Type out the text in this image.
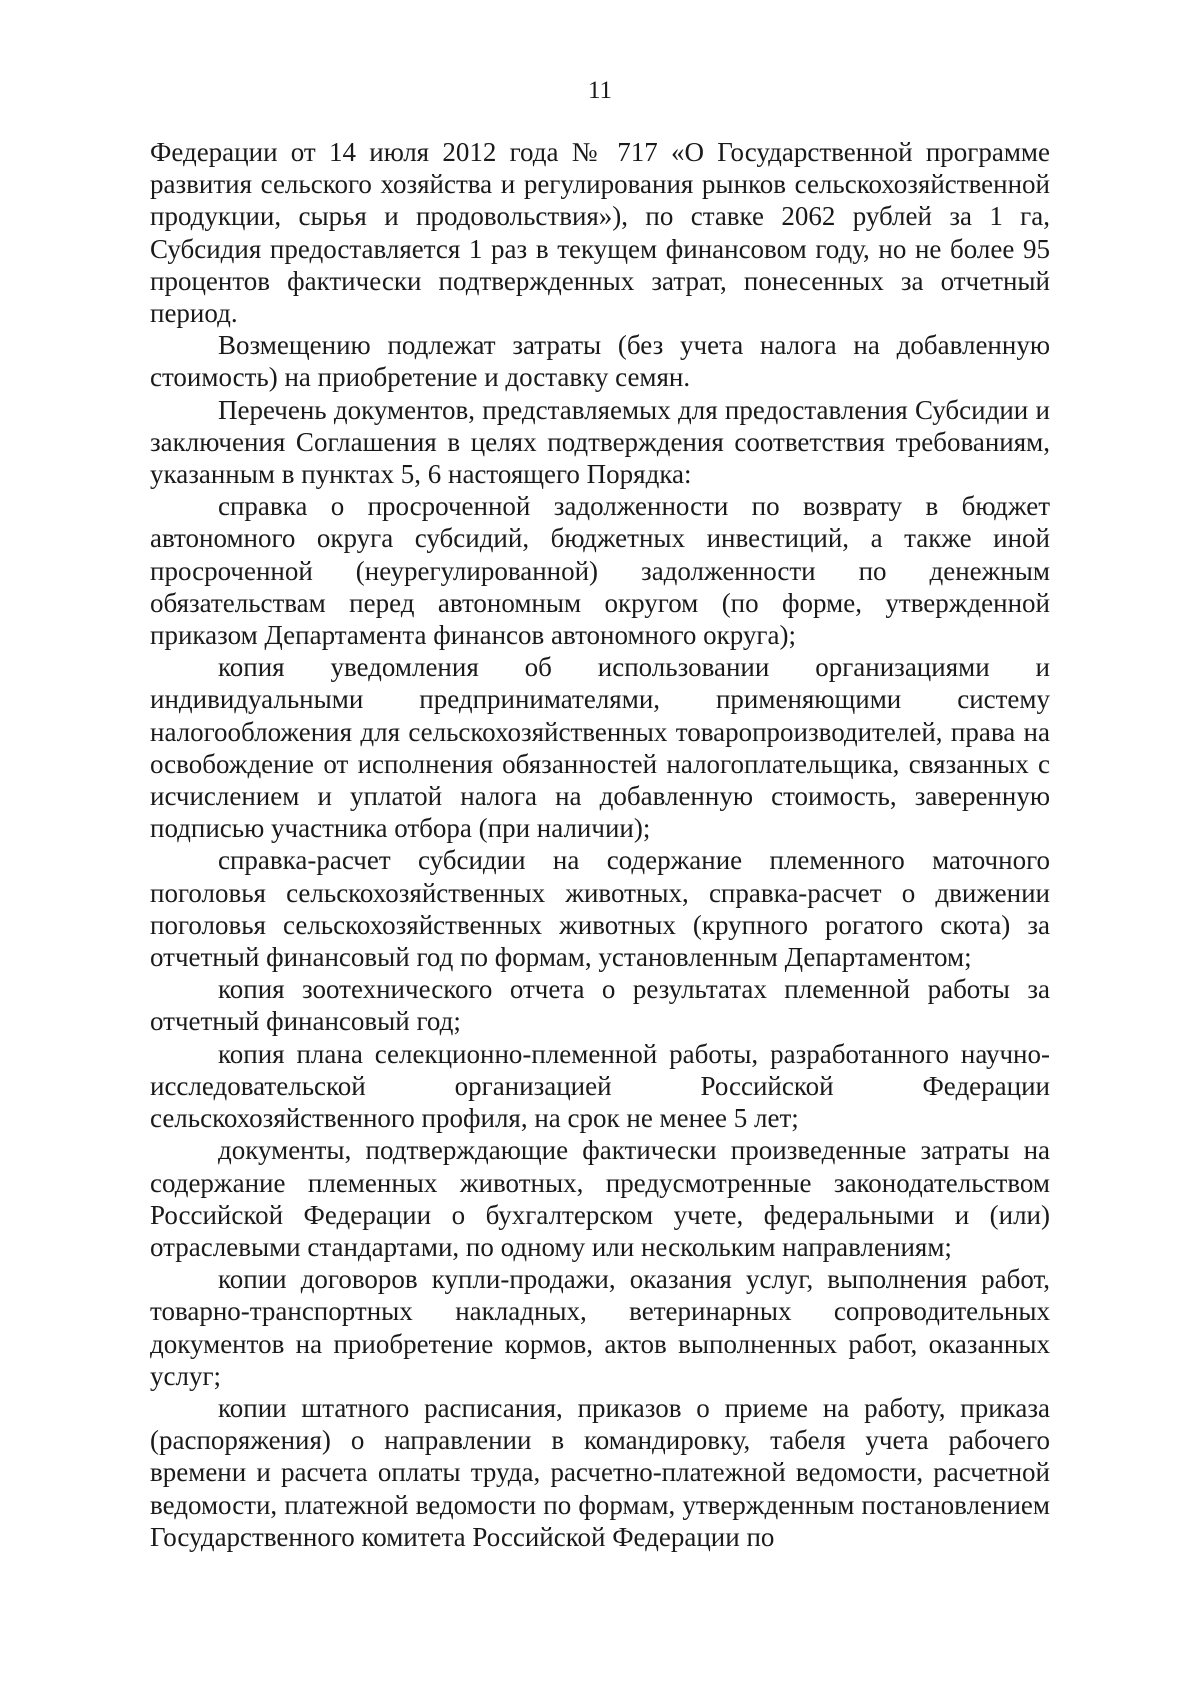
11

Федерации от 14 июля 2012 года № 717 «О Государственной программе развития сельского хозяйства и регулирования рынков сельскохозяйственной продукции, сырья и продовольствия»), по ставке 2062 рублей за 1 га, Субсидия предоставляется 1 раз в текущем финансовом году, но не более 95 процентов фактически подтвержденных затрат, понесенных за отчетный период.

Возмещению подлежат затраты (без учета налога на добавленную стоимость) на приобретение и доставку семян.

Перечень документов, представляемых для предоставления Субсидии и заключения Соглашения в целях подтверждения соответствия требованиям, указанным в пунктах 5, 6 настоящего Порядка:

справка о просроченной задолженности по возврату в бюджет автономного округа субсидий, бюджетных инвестиций, а также иной просроченной (неурегулированной) задолженности по денежным обязательствам перед автономным округом (по форме, утвержденной приказом Департамента финансов автономного округа);

копия уведомления об использовании организациями и индивидуальными предпринимателями, применяющими систему налогообложения для сельскохозяйственных товаропроизводителей, права на освобождение от исполнения обязанностей налогоплательщика, связанных с исчислением и уплатой налога на добавленную стоимость, заверенную подписью участника отбора (при наличии);

справка-расчет субсидии на содержание племенного маточного поголовья сельскохозяйственных животных, справка-расчет о движении поголовья сельскохозяйственных животных (крупного рогатого скота) за отчетный финансовый год по формам, установленным Департаментом;

копия зоотехнического отчета о результатах племенной работы за отчетный финансовый год;

копия плана селекционно-племенной работы, разработанного научно-исследовательской организацией Российской Федерации сельскохозяйственного профиля, на срок не менее 5 лет;

документы, подтверждающие фактически произведенные затраты на содержание племенных животных, предусмотренные законодательством Российской Федерации о бухгалтерском учете, федеральными и (или) отраслевыми стандартами, по одному или нескольким направлениям;

копии договоров купли-продажи, оказания услуг, выполнения работ, товарно-транспортных накладных, ветеринарных сопроводительных документов на приобретение кормов, актов выполненных работ, оказанных услуг;

копии штатного расписания, приказов о приеме на работу, приказа (распоряжения) о направлении в командировку, табеля учета рабочего времени и расчета оплаты труда, расчетно-платежной ведомости, расчетной ведомости, платежной ведомости по формам, утвержденным постановлением Государственного комитета Российской Федерации по
